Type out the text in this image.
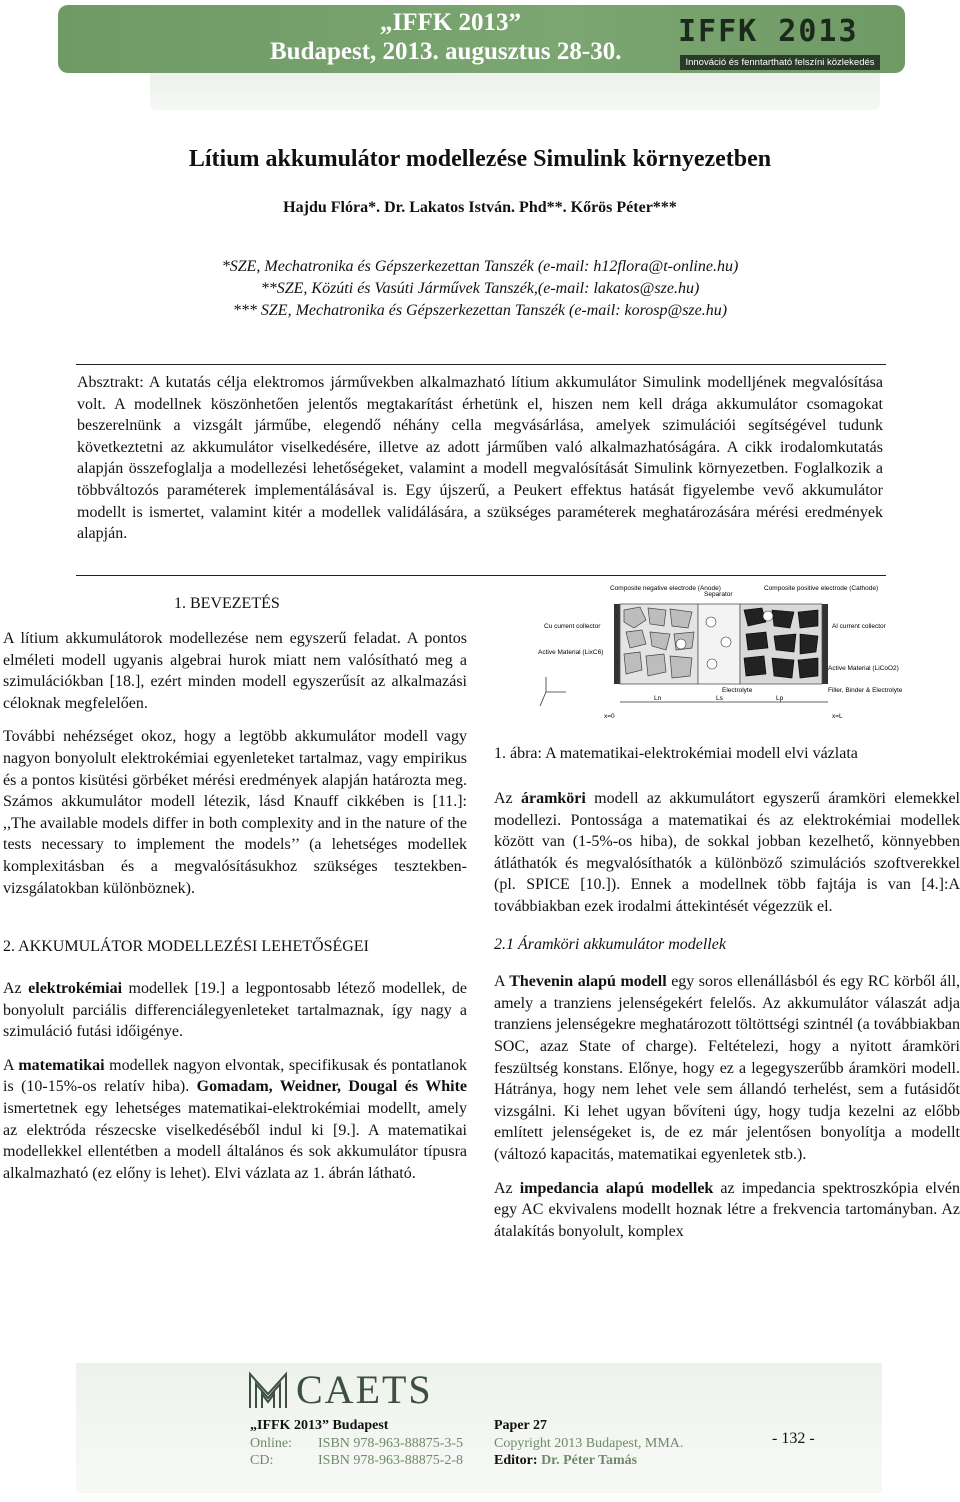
„IFFK 2013”
Budapest, 2013. augusztus 28-30.
IFFK 2013
Innováció és fenntartható felszíni közlekedés
Lítium akkumulátor modellezése Simulink környezetben
Hajdu Flóra*. Dr. Lakatos István. Phd**. Kőrös Péter***
*SZE, Mechatronika és Gépszerkezettan Tanszék (e-mail: h12flora@t-online.hu)
**SZE, Közúti és Vasúti Járművek Tanszék,(e-mail: lakatos@sze.hu)
*** SZE, Mechatronika és Gépszerkezettan Tanszék (e-mail: korosp@sze.hu)
Absztrakt: A kutatás célja elektromos járművekben alkalmazható lítium akkumulátor Simulink modelljének megvalósítása volt. A modellnek köszönhetően jelentős megtakarítást érhetünk el, hiszen nem kell drága akkumulátor csomagokat beszerelnünk a vizsgált járműbe, elegendő néhány cella megvásárlása, amelyek szimulációi segítségével tudunk következtetni az akkumulátor viselkedésére, illetve az adott járműben való alkalmazhatóságára. A cikk irodalomkutatás alapján összefoglalja a modellezési lehetőségeket, valamint a modell megvalósítását Simulink környezetben. Foglalkozik a többváltozós paraméterek implementálásával is. Egy újszerű, a Peukert effektus hatását figyelembe vevő akkumulátor modellt is ismertet, valamint kitér a modellek validálására, a szükséges paraméterek meghatározására mérési eredmények alapján.
1. BEVEZETÉS

A lítium akkumulátorok modellezése nem egyszerű feladat. A pontos elméleti modell ugyanis algebrai hurok miatt nem valósítható meg a szimulációkban [18.], ezért minden modell egyszerűsít az alkalmazási céloknak megfelelően.

További nehézséget okoz, hogy a legtöbb akkumulátor modell vagy nagyon bonyolult elektrokémiai egyenleteket tartalmaz, vagy empirikus és a pontos kisütési görbéket mérési eredmények alapján határozta meg. Számos akkumulátor modell létezik, lásd Knauff cikkében is [11.]: ,,The available models differ in both complexity and in the nature of the tests necessary to implement the models’’ (a lehetséges modellek komplexitásban és a megvalósításukhoz szükséges tesztekben-vizsgálatokban különböznek).

2. AKKUMULÁTOR MODELLEZÉSI LEHETŐSÉGEI

Az elektrokémiai modellek [19.] a legpontosabb létező modellek, de bonyolult parciális differenciálegyenleteket tartalmaznak, így nagy a szimuláció futási időigénye.

A matematikai modellek nagyon elvontak, specifikusak és pontatlanok is (10-15%-os relatív hiba). Gomadam, Weidner, Dougal és White ismertetnek egy lehetséges matematikai-elektrokémiai modellt, amely az elektróda részecske viselkedéséből indul ki [9.]. A matematikai modellekkel ellentétben a modell általános és sok akkumulátor típusra alkalmazható (ez előny is lehet). Elvi vázlata az 1. ábrán látható.

Composite negative electrode (Anode)
Separator
Composite positive electrode (Cathode)
Cu current collector	Al current collector
Active Material (LixC6)
Active Material (LiCoO2)
Electrolyte	Filler, Binder & Electrolyte
x=0	x=L
Ln	Ls	Lp
1. ábra: A matematikai-elektrokémiai modell elvi vázlata

Az áramköri modell az akkumulátort egyszerű áramköri elemekkel modellezi. Pontossága a matematikai és az elektrokémiai modellek között van (1-5%-os hiba), de sokkal jobban kezelhető, könnyebben átláthatók és megvalósíthatók a különböző szimulációs szoftverekkel (pl. SPICE [10.]). Ennek a modellnek több fajtája is van [4.]:A továbbiakban ezek irodalmi áttekintését végezzük el.

2.1 Áramköri akkumulátor modellek

A Thevenin alapú modell egy soros ellenállásból és egy RC körből áll, amely a tranziens jelenségekért felelős. Az akkumulátor válaszát adja tranziens jelenségekre meghatározott töltöttségi szintnél (a továbbiakban SOC, azaz State of charge). Feltételezi, hogy a nyitott áramköri feszültség konstans. Előnye, hogy ez a legegyszerűbb áramköri modell. Hátránya, hogy nem lehet vele sem állandó terhelést, sem a futásidőt vizsgálni. Ki lehet ugyan bővíteni úgy, hogy tudja kezelni az előbb említett jelenségeket is, de ez már jelentősen bonyolítja a modellt (változó kapacitás, matematikai egyenletek stb.).

Az impedancia alapú modellek az impedancia spektroszkópia elvén egy AC ekvivalens modellt hoznak létre a frekvencia tartományban. Az átalakítás bonyolult, komplex

CAETS
„IFFK 2013” Budapest
Online: ISBN 978-963-88875-3-5
CD:	ISBN 978-963-88875-2-8
Paper 27
Copyright 2013 Budapest, MMA.
Editor: Dr. Péter Tamás
- 132 -
